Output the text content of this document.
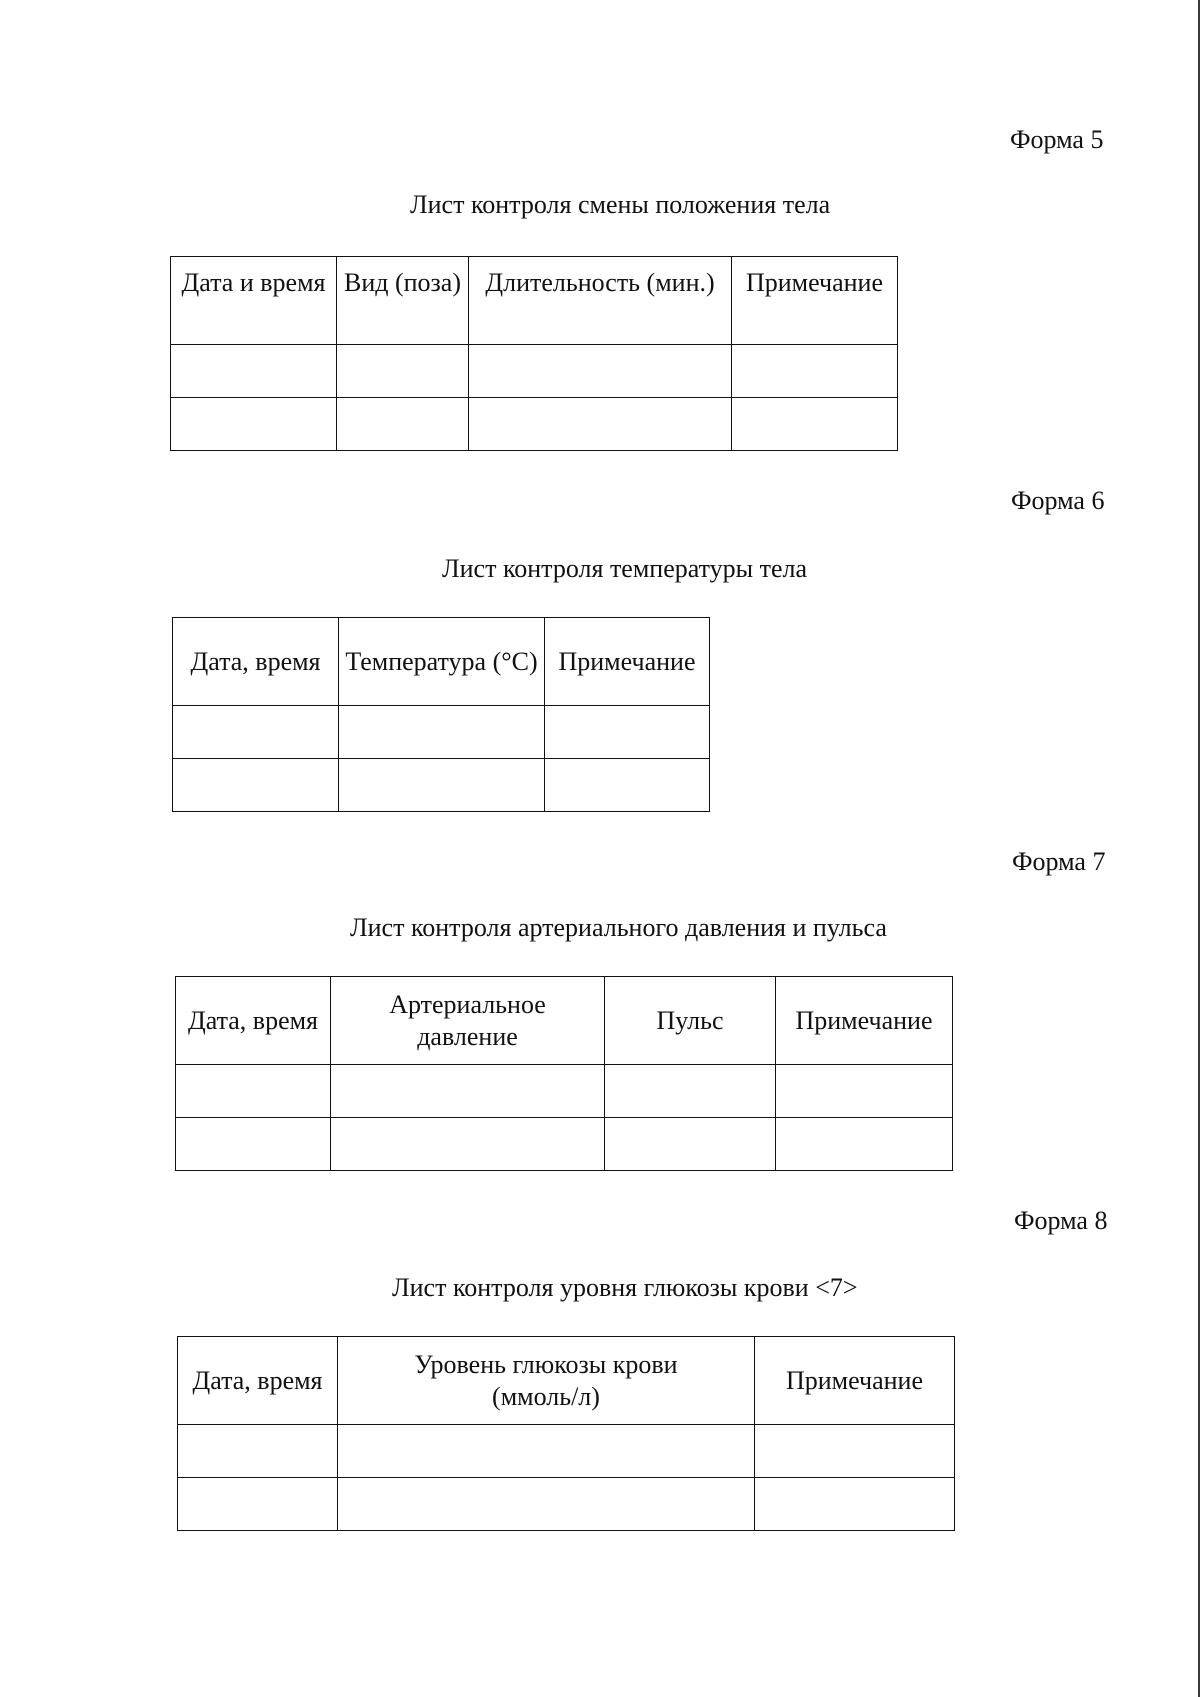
Форма 5
Лист контроля смены положения тела
Дата и время	Вид (поза)	Длительность (мин.)	Примечание

Форма 6
Лист контроля температуры тела
Дата, время	Температура (°C)	Примечание

Форма 7
Лист контроля артериального давления и пульса
Дата, время	Артериальное давление	Пульс	Примечание

Форма 8
Лист контроля уровня глюкозы крови <7>
Дата, время	Уровень глюкозы крови (ммоль/л)	Примечание
